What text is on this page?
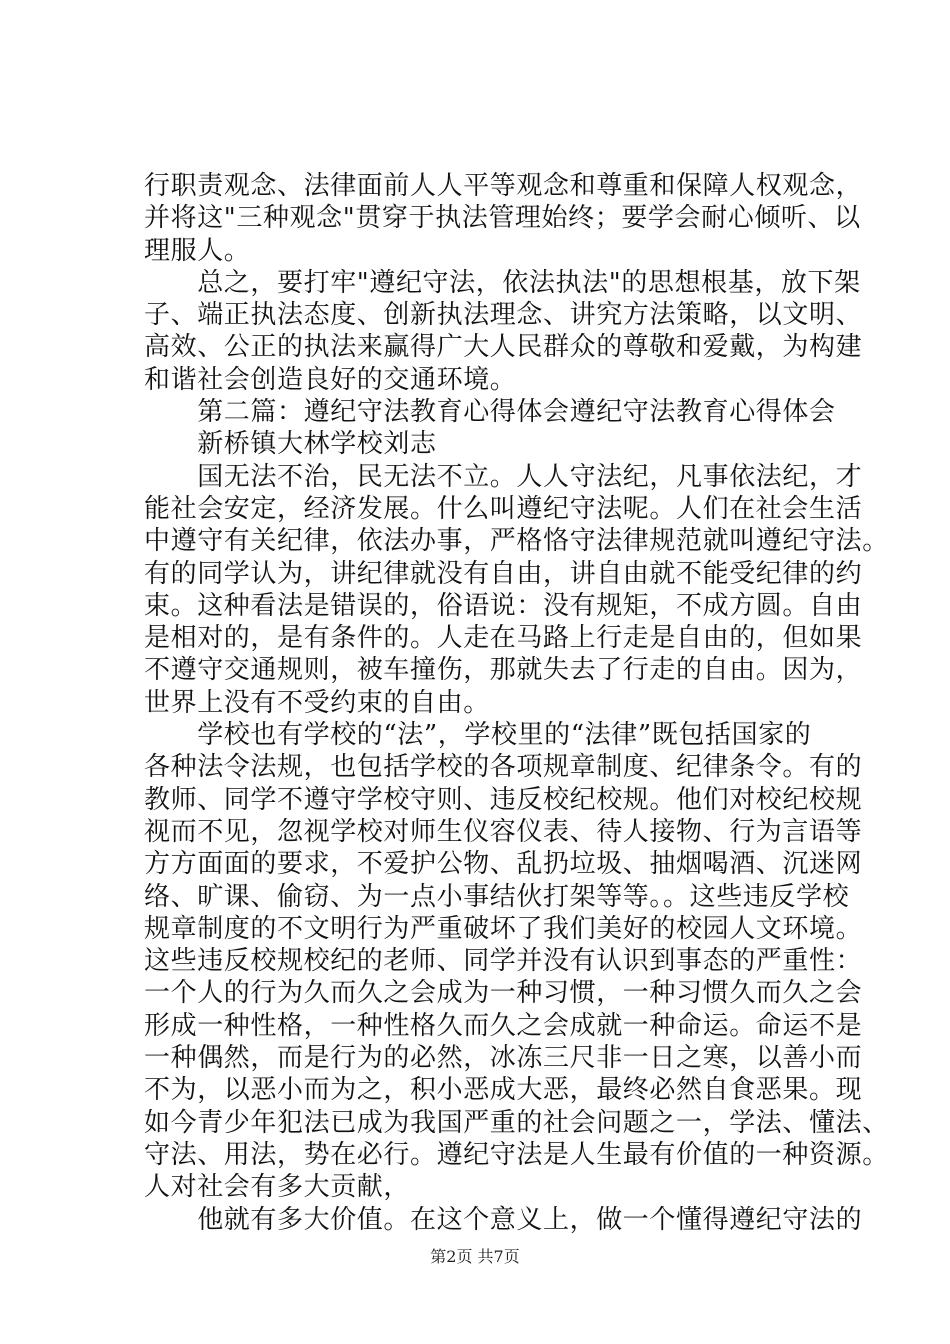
行职责观念、法律面前人人平等观念和尊重和保障人权观念，
并将这"三种观念"贯穿于执法管理始终；要学会耐心倾听、以
理服人。
　　总之，要打牢"遵纪守法，依法执法"的思想根基，放下架
子、端正执法态度、创新执法理念、讲究方法策略，以文明、
高效、公正的执法来赢得广大人民群众的尊敬和爱戴，为构建
和谐社会创造良好的交通环境。
　　第二篇：遵纪守法教育心得体会遵纪守法教育心得体会
　　新桥镇大林学校刘志
　　国无法不治，民无法不立。人人守法纪，凡事依法纪，才
能社会安定，经济发展。什么叫遵纪守法呢。人们在社会生活
中遵守有关纪律，依法办事，严格恪守法律规范就叫遵纪守法。
有的同学认为，讲纪律就没有自由，讲自由就不能受纪律的约
束。这种看法是错误的，俗语说：没有规矩，不成方圆。自由
是相对的，是有条件的。人走在马路上行走是自由的，但如果
不遵守交通规则，被车撞伤，那就失去了行走的自由。因为，
世界上没有不受约束的自由。
　　学校也有学校的“法”，学校里的“法律”既包括国家的
各种法令法规，也包括学校的各项规章制度、纪律条令。有的
教师、同学不遵守学校守则、违反校纪校规。他们对校纪校规
视而不见，忽视学校对师生仪容仪表、待人接物、行为言语等
方方面面的要求，不爱护公物、乱扔垃圾、抽烟喝酒、沉迷网
络、旷课、偷窃、为一点小事结伙打架等等。。这些违反学校
规章制度的不文明行为严重破坏了我们美好的校园人文环境。
这些违反校规校纪的老师、同学并没有认识到事态的严重性：
一个人的行为久而久之会成为一种习惯，一种习惯久而久之会
形成一种性格，一种性格久而久之会成就一种命运。命运不是
一种偶然，而是行为的必然，冰冻三尺非一日之寒，以善小而
不为，以恶小而为之，积小恶成大恶，最终必然自食恶果。现
如今青少年犯法已成为我国严重的社会问题之一，学法、懂法、
守法、用法，势在必行。遵纪守法是人生最有价值的一种资源。
人对社会有多大贡献，
　　他就有多大价值。在这个意义上，做一个懂得遵纪守法的
第2页 共7页
